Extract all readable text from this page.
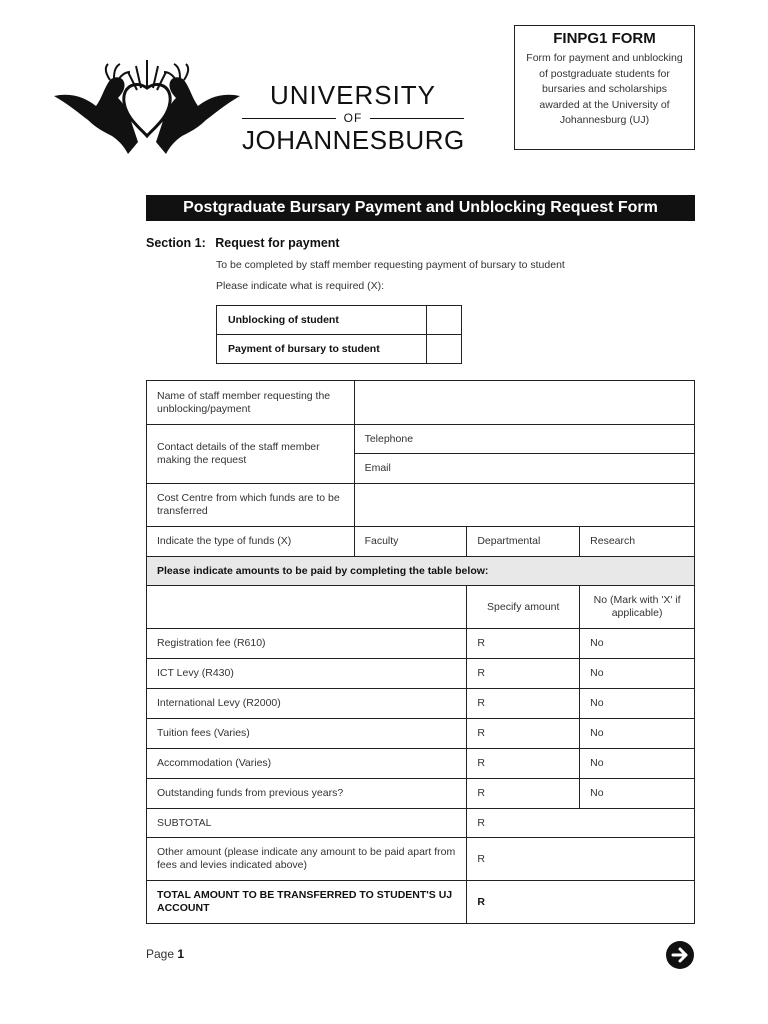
UNIVERSITY
OF
JOHANNESBURG
FINPG1 FORM
Form for payment and unblocking of postgraduate students for bursaries and scholarships awarded at the University of Johannesburg (UJ)
Postgraduate Bursary Payment and Unblocking Request Form
Section 1: Request for payment
To be completed by staff member requesting payment of bursary to student
Please indicate what is required (X):
Unblocking of student	
Payment of bursary to student	
Name of staff member requesting the unblocking/payment			
Contact details of the staff member making the request	Telephone		
	Email		
Cost Centre from which funds are to be transferred			
Indicate the type of funds (X)	Faculty	Departmental	Research
Please indicate amounts to be paid by completing the table below:			
		Specify amount	No (Mark with 'X' if applicable)
Registration fee (R610)		R	No
ICT Levy (R430)		R	No
International Levy (R2000)		R	No
Tuition fees (Varies)		R	No
Accommodation (Varies)		R	No
Outstanding funds from previous years?		R	No
SUBTOTAL		R	
Other amount (please indicate any amount to be paid apart from fees and levies indicated above)		R	
TOTAL AMOUNT TO BE TRANSFERRED TO STUDENT'S UJ ACCOUNT		R	
Page 1
